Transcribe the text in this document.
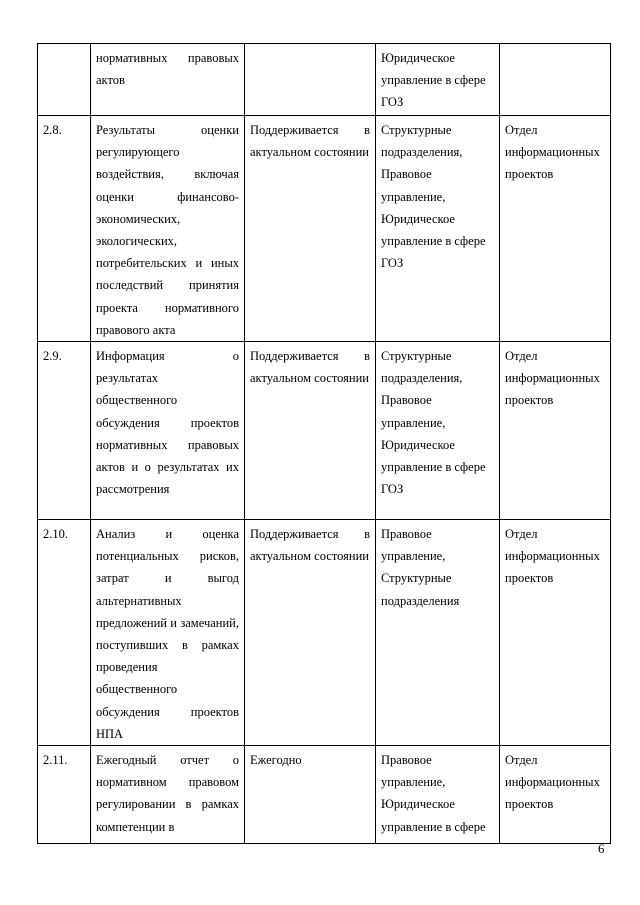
	нормативных правовых актов		Юридическое управление в сфере ГОЗ	
2.8.	Результаты оценки регулирующего воздействия, включая оценки финансово-экономических, экологических, потребительских и иных последствий принятия проекта нормативного правового акта	Поддерживается в актуальном состоянии	Структурные подразделения, Правовое управление, Юридическое управление в сфере ГОЗ	Отдел информационных проектов
2.9.	Информация о результатах общественного обсуждения проектов нормативных правовых актов и о результатах их рассмотрения	Поддерживается в актуальном состоянии	Структурные подразделения, Правовое управление, Юридическое управление в сфере ГОЗ	Отдел информационных проектов
2.10.	Анализ и оценка потенциальных рисков, затрат и выгод альтернативных предложений и замечаний, поступивших в рамках проведения общественного обсуждения проектов НПА	Поддерживается в актуальном состоянии	Правовое управление, Структурные подразделения	Отдел информационных проектов
2.11.	Ежегодный отчет о нормативном правовом регулировании в рамках компетенции в	Ежегодно	Правовое управление, Юридическое управление в сфере	Отдел информационных проектов
6
